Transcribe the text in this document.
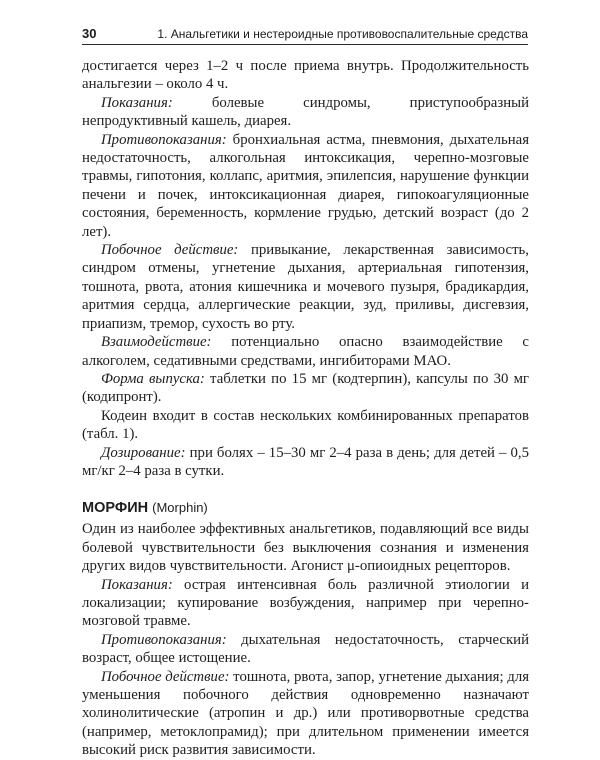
30	1. Анальгетики и нестероидные противовоспалительные средства

достигается через 1–2 ч после приема внутрь. Продолжительность анальгезии – около 4 ч.

Показания: болевые синдромы, приступообразный непродуктивный кашель, диарея.

Противопоказания: бронхиальная астма, пневмония, дыхательная недостаточность, алкогольная интоксикация, черепно-мозговые травмы, гипотония, коллапс, аритмия, эпилепсия, нарушение функции печени и почек, интоксикационная диарея, гипокоагуляционные состояния, беременность, кормление грудью, детский возраст (до 2 лет).

Побочное действие: привыкание, лекарственная зависимость, синдром отмены, угнетение дыхания, артериальная гипотензия, тошнота, рвота, атония кишечника и мочевого пузыря, брадикардия, аритмия сердца, аллергические реакции, зуд, приливы, дисгевзия, приапизм, тремор, сухость во рту.

Взаимодействие: потенциально опасно взаимодействие с алкоголем, седативными средствами, ингибиторами МАО.

Форма выпуска: таблетки по 15 мг (кодтерпин), капсулы по 30 мг (кодипронт).

Кодеин входит в состав нескольких комбинированных препаратов (табл. 1).

Дозирование: при болях – 15–30 мг 2–4 раза в день; для детей – 0,5 мг/кг 2–4 раза в сутки.

МОРФИН (Morphin)

Один из наиболее эффективных анальгетиков, подавляющий все виды болевой чувствительности без выключения сознания и изменения других видов чувствительности. Агонист μ-опиоидных рецепторов.

Показания: острая интенсивная боль различной этиологии и локализации; купирование возбуждения, например при черепно-мозговой травме.

Противопоказания: дыхательная недостаточность, старческий возраст, общее истощение.

Побочное действие: тошнота, рвота, запор, угнетение дыхания; для уменьшения побочного действия одновременно назначают холинолитические (атропин и др.) или противорвотные средства (например, метоклопрамид); при длительном применении имеется высокий риск развития зависимости.
